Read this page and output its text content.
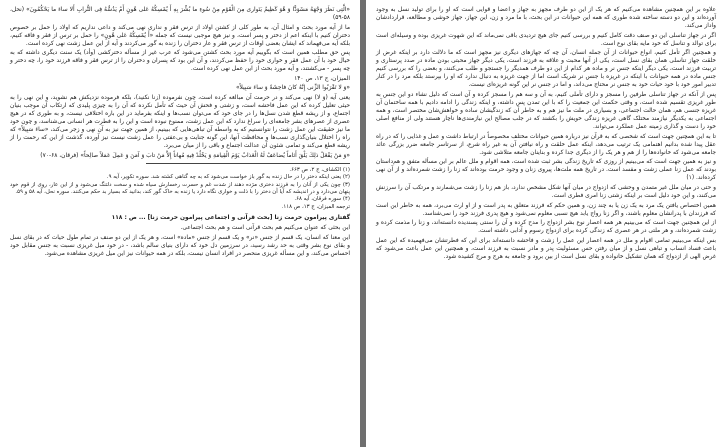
«الَّتِی نَظَرَ وَجْهَهُ مَسْوَدًّا وَ هُوَ كَظِیمٌ یَتَوارى مِنَ الْقَوْمِ مِنْ سُوءِ ما بُشِّرَ بِهِ أَ یُمْسِكُهُ عَلى هُونٍ أَمْ یَدُسُّهُ فِی التُّرابِ أَلا ساءَ ما یَحْكُمُونَ» (نحل، ۵۸-۵۹)

ما از آیه مورد بحث و امثال آن، به طور کلی از کشتن اولاد از ترس فقر و نداری نهی می‌کند و داعی نداریم که اولاد را حمل بر خصوص دختران کنیم با اینکه اعم از دختر و پسر است، و نیز هیچ موجبی نیست که جمله «أَ یُمْسِكُهُ عَلى هُونٍ» را حمل بر ترس از فقر و فاقه کنیم، بلکه آیه می‌فهماند که ایشان بعضی اوقات از ترس فقر و عار دختران را زنده به گور می‌کردند و آیه از این عمل زشت نهی کرده است.

پس حق مطلب همین است که بگوییم آیه مورد بحث کشتن می‌شود که عرب غیر از مسأله دخترکشی (وأد) یک سنت دیگری داشته که به خیال خود با آن عمل فقر و خواری خود را حفظ می‌کردند، و آن این بود که پسران و دختران را از ترس فقر و فاقه فرزند خود را، چه دختر و چه پسر - می‌کشتند، و آیه مورد بحث از این عمل نهی کرده است.

المیزان، ج ۱۳، ص ۱۴۰

«وَ لا تَقْرَبُوا الزِّنى إِنَّهُ كانَ فاحِشَةً وَ ساءَ سَبِیلاً»

یعنی آیه (وَ لا) نهی می‌کند و در حرمت آن مبالغه کرده است، چون نفرموده (زنا نکنید)، بلکه فرموده نزدیکش هم نشوید، و این نهی را به حیثی تعلیل کرده که این عمل فاحشه است، و زشتی و فحش آن حیث که تأمل نکرده که آن را به چیزی پلیدی که ارتکاب آن موجب بنیان اجتماع، و از ریشه قطع شدن نسل‌ها را در جای خود که می‌توان نسب‌ها و اینکه بفرماید در این باره اختلافی نیست، و به طوری که در هیچ عصری از عصرهای بشر جامعه‌ای را سراغ ندارد که این عمل زشت، ممنوع نبوده است و این را به فطرت هر انسانی می‌شناسد، و چون خود ما نیز حقیقت این عمل زشت را نتوانستیم که به واسطه آن تباهی‌هایی که ببینیم، از همین جهت نیز به آن نهی و زجر می‌کند، «ساءَ سَبِیلاً» که راه را اختلال بنیان‌گذاری نسب‌ها و محافظت آنها، این گونه جنایت و بی‌عفتی را عمل زشت نیست نیز آورده، گذشت از این که رحمت را از ریشه قطع می‌کند و تمامی شئون آن عدالت اجتماع و باقی را از میان می‌برد.

«وَ مَنْ یَفْعَلْ ذلِكَ یَلْقَ أَثاماً یُضاعَفْ لَهُ الْعَذابُ یَوْمَ الْقِیامَةِ وَ یَخْلُدْ فِیهِ مُهاناً إِلاَّ مَنْ تابَ وَ آمَنَ وَ عَمِلَ عَمَلاً صالِحاً» (فرقان، ۶۸-۷۰)

(۱) الکشاف، ج ۲، ص ۶۶۳.
(۲) یعنی اینکه دختر را در حال زنده به گور باز خواست می‌شود که به چه گناهی کشته شد. سوره تکویر، آیه ۹.
(۳) چون یکی از آنان را به فرزند دختری مژده دهند از شدت غم و حسرت رخسارش سیاه شده و سخت دلتنگ می‌شود و از این عار، روی از قوم خود پنهان می‌دارد و در اندیشه که آیا آن دختر را با ذلت و خواری نگاه دارد یا زنده به خاک گور کند، بدانید که بسیار بد حکم می‌کنند. سوره نحل، آیه ۵۸ و ۵۹.
(۴) سوره فرقان، آیه ۶۸.
ترجمه المیزان، ج ۱۳، ص ۱۱۸.
گفتاری پیرامون حرمت زنا [بحث قرآنی و اجتماعی پیرامون حرمت زنا] ... ص : ۱۱۸

این بحثی که عنوان می‌کنیم هم بحث قرآنی است و هم بحث اجتماعی.

این معنا که انسان، یک قسم از جنس «نر» و یک قسم از جنس «ماده» است، و هر یک از این دو صنف در تمام طول حیات که در بقای نسل و بقای نوع بشر وقتی به حد رشد رسید، در سرزمین دل خود که دارای بنیای سالم باشد، - در خود میل غریزی نسبت به جنس مقابل خود احساس می‌کند، و این مسأله غریزی منحصر در افراد انسان نیست، بلکه در همه حیوانات نیز این میل غریزی مشاهده می‌شود.

علاوه بر این همچنین مشاهده می‌کنیم که هر یک از این دو طرف مجهز به جهاز و اعضا و قوایی است که او را برای تولید نسل به وجود آورده‌اند و این دو دسته ساخته شده طوری که همه این حیوانات در این بحث، با ما مرد و زن، این جهاز، جهاز خوشی و مطالعه، قراردادشان واداز می‌کند.

اگر در جهاز تناسلی این دو صنف دقت کامل کنیم و بررسی کنیم جای هیچ تردیدی باقی نمی‌ماند که این شهوت غریزی بوده و وسیله‌ای است برای توالد و تناسل که خود مایه بقای نوع است.

و همچنین اگر تأمل کنیم، انواع حیوانات از آن جمله انسان، آن چه که جهازهای دیگری نیز مجهز است که ما دلالت دارد بر اینکه غرض از خلقت جهاز تناسلی همان بقای نسل است، یکی از آنها محبت و علاقه به فرزند است، یکی دیگر جهاز محبتی بودن ماده در صدد پرستاری و تربیت فرزند است، یکی دیگر اینکه جنس نر و ماده هر کدام از این دو طرف همدیگر را جستجو و طلب می‌کنند، و بعضی را که بررسی کنیم جنس ماده در همه حیوانات با اینکه در غریزه با جنس نر شریک است اما از جهت غریزه به دنبال ندارد که او را بپرستد بلکه مرد را در کنار تدبیر امور خود با خود حیات خود به جنس نر محتاج می‌داند، و اما در جنس نر این گونه غریزه‌ای نیست.

پس از آنکه در جهاز تناسلی طرفین را مسجز و دارای تأملی کنیم، به آن و سه هم را مسجز کرده و آن است که دلیل نشاء دو این جنس به طور غریزی تقسیم شده است، و وقتی حکمت این جمعیت را که با این تمدن پس داشته، و اینکه زندگی را ادامه دادیم با همه ساختمان آن غریزه جنسی هم، همان حالت اجتماعی، و بسیاری در ملت ما نیز هم و به خاطر آن که زندگیشان ساده و خواهش‌شان مختصر است، و همه اجتماعی به یکدیگر نیازمند مختلک گاهی غریزه زندگی خویش را بکشند که در جلب مصالح این نیازمندی‌ها ناچار هستند ولی از منافع اصلی خود را دست و گذاری زمینه عمل عملکرد می‌تواند.

تا به این همچنین جهت است که شخصی که به قرآن نیز درباره همین حیوانات مختلف مخصوصاً در ارتباط داشت و عمل و غذایی را که در راه عقل پیدا شده بدانیم اهتمامی یک ترتیب می‌دهد، اینکه عمل خلقت و راه نیافتن آن به غیر راه شرع، از سرتاسر جامعه ضرر بزرگی عائد جامعه می‌شود که خانواده‌ها را از هم و هر یک را از دیگری جدا کرده و بناینان جامعه متلاشی شود.

و نیز به همین جهت است که می‌بینیم از روزی که تاریخ زندگی بشر ثبت شده است، همه اقوام و ملل عالم بر این مسأله متفق و هم‌داستان بودند که عمل زنا عملی زشت و مفسد است. در تاریخ همه ملت‌ها، پیروی زنان و وجود حرمت بوده‌اند که زنا را زشت شمرده‌اند و از آن نهی کرده‌اند. (۱)

و حتی در میان ملل غیر متمدن و وحشی که ازدواج در میان آنها شکل مشخص ندارد، باز هم زنا را زشت می‌شمارند و مرتکب آن را سرزنش می‌کنند، و این خود دلیل است بر اینکه زشتی زنا امری فطری است.

همین اختصاص یافتن یک مرد به یک زن یا به چند زن، و همین حکم که فرزند متعلق به پدر است و از او ارث می‌برد، همه به خاطر این است که فرزندان با پدرانشان معلوم باشند، و اگر زنا رواج یابد هیچ نسبی معلوم نمی‌شود و هیچ پدری فرزند خود را نمی‌شناسد.

از این همچنین جهت است که می‌بینیم هر همه اعصار نوع بشر ازدواج را مدح کرده و آن را سنتی پسندیده دانسته‌اند، و زنا را مذمت کرده و زشت شمرده‌اند، و هر ملتی در هر عصری که زندگی کرده برای ازدواج رسوم و آدابی داشته است.

بس اینکه می‌بینیم تمامی اقوام و ملل در همه اعصار این عمل را زشت و فاحشه دانسته‌اند برای این که فطرتشان می‌فهمیده که این عمل باعث فساد انساب و تباهی نسل و از میان رفتن حس مسئولیت پدر و مادر نسبت به فرزند است، و همچنین این عمل باعث می‌شود که غرض الهی از ازدواج که همان تشکیل خانواده و بقای نسل است از بین برود و جامعه به هرج و مرج کشیده شود.
